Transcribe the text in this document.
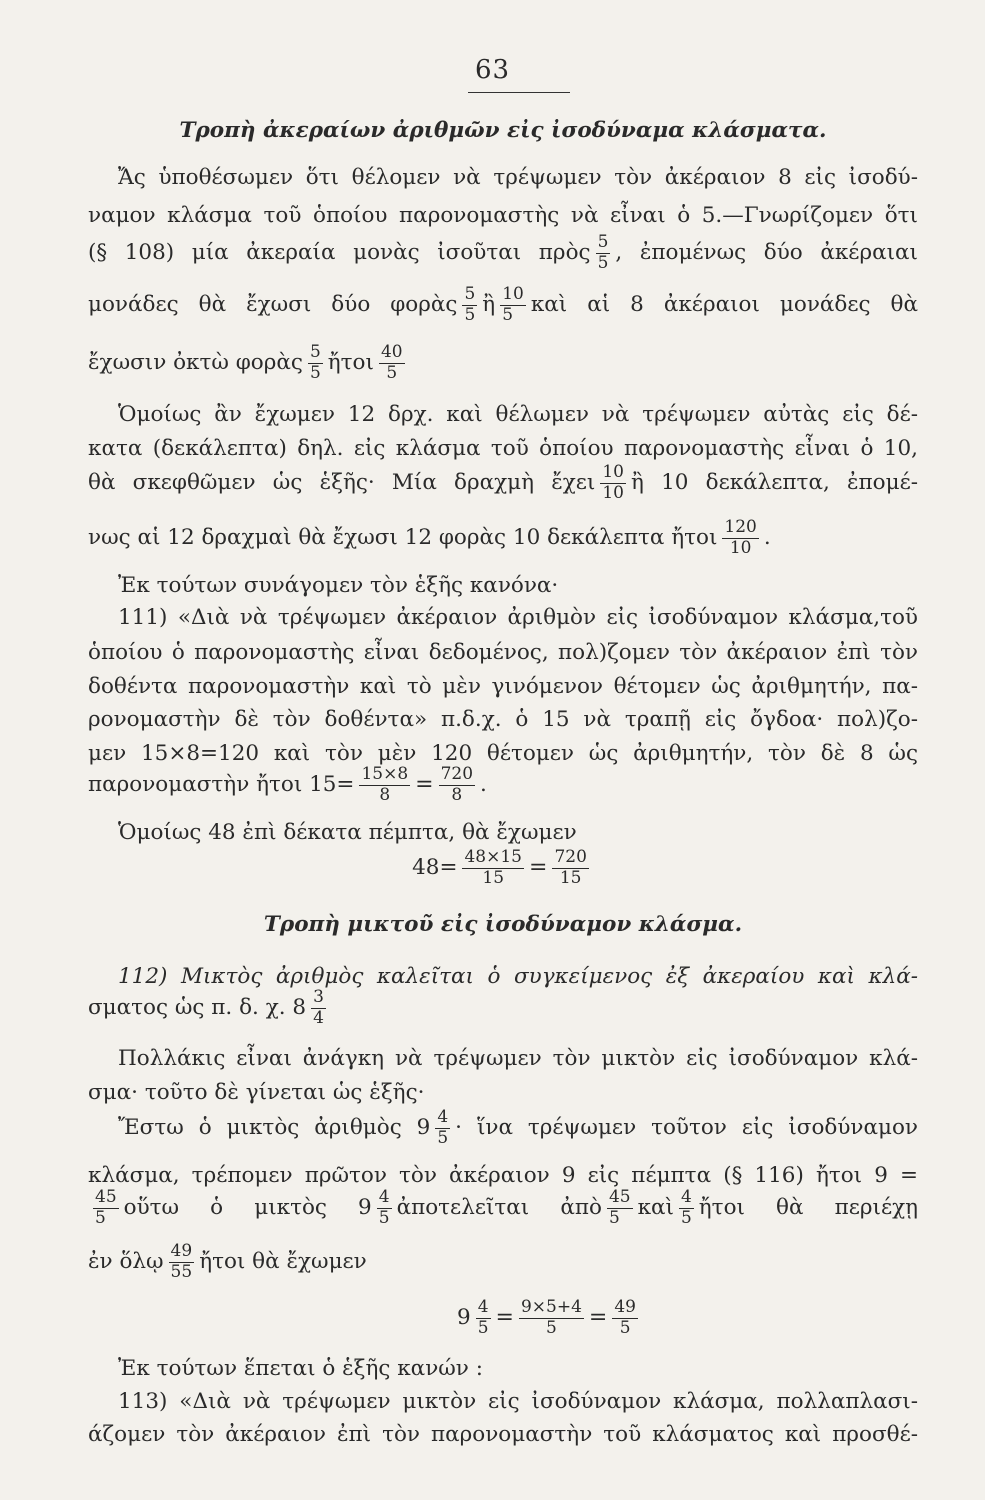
63
Τροπὴ ἀκεραίων ἀριθμῶν εἰς ἰσοδύναμα κλάσματα.
Ἄς ὑποθέσωμεν ὅτι θέλομεν νὰ τρέψωμεν τὸν ἀκέραιον 8 εἰς ἰσοδύ-
ναμον κλάσμα τοῦ ὁποίου παρονομαστὴς νὰ εἶναι ὁ 5.—Γνωρίζομεν ὅτι
(§ 108) μία ἀκεραία μονὰς ἰσοῦται πρὸς $\frac{5}{5}$ , ἐπομένως δύο ἀκέραιαι
μονάδες θὰ ἔχωσι δύο φορὰς $\frac{5}{5}$ ἢ $\frac{10}{5}$ καὶ αἱ 8 ἀκέραιοι μονάδες θὰ
ἔχωσιν ὀκτὼ φορὰς $\frac{5}{5}$ ἤτοι $\frac{40}{5}$
Ὁμοίως ἂν ἔχωμεν 12 δρχ. καὶ θέλωμεν νὰ τρέψωμεν αὐτὰς εἰς δέ-
κατα (δεκάλεπτα) δηλ. εἰς κλάσμα τοῦ ὁποίου παρονομαστὴς εἶναι ὁ 10,
θὰ σκεφθῶμεν ὡς ἑξῆς· Μία δραχμὴ ἔχει $\frac{10}{10}$ ἢ 10 δεκάλεπτα, ἐπομέ-
νως αἱ 12 δραχμαὶ θὰ ἔχωσι 12 φορὰς 10 δεκάλεπτα ἤτοι $\frac{120}{10}$ .
Ἐκ τούτων συνάγομεν τὸν ἑξῆς κανόνα·
111) «Διὰ νὰ τρέψωμεν ἀκέραιον ἀριθμὸν εἰς ἰσοδύναμον κλάσμα,τοῦ
ὁποίου ὁ παρονομαστὴς εἶναι δεδομένος, πολ)ζομεν τὸν ἀκέραιον ἐπὶ τὸν
δοθέντα παρονομαστὴν καὶ τὸ μὲν γινόμενον θέτομεν ὡς ἀριθμητήν, πα-
ρονομαστὴν δὲ τὸν δοθέντα» π.δ.χ. ὁ 15 νὰ τραπῇ εἰς ὄγδοα· πολ)ζο-
μεν 15×8=120 καὶ τὸν μὲν 120 θέτομεν ὡς ἀριθμητήν, τὸν δὲ 8 ὡς
παρονομαστὴν ἤτοι $15= \frac{15\times 8}{8} = \frac{720}{8}$ .
Ὁμοίως 48 ἐπὶ δέκατα πέμπτα, θὰ ἔχωμεν
$48= \frac{48\times 15}{15} = \frac{720}{15}$
Τροπὴ μικτοῦ εἰς ἰσοδύναμον κλάσμα.
112) Μικτὸς ἀριθμὸς καλεῖται ὁ συγκείμενος ἐξ ἀκεραίου καὶ κλά-
σματος ὡς π. δ. χ. $8 \frac{3}{4}$
Πολλάκις εἶναι ἀνάγκη νὰ τρέψωμεν τὸν μικτὸν εἰς ἰσοδύναμον κλά-
σμα· τοῦτο δὲ γίνεται ὡς ἑξῆς·
Ἔστω ὁ μικτὸς ἀριθμὸς $9 \frac{4}{5}$ · ἵνα τρέψωμεν τοῦτον εἰς ἰσοδύναμον
κλάσμα, τρέπομεν πρῶτον τὸν ἀκέραιον 9 εἰς πέμπτα (§ 116) ἤτοι 9 =
$\frac{45}{5}$ οὕτω ὁ μικτὸς $9 \frac{4}{5}$ ἀποτελεῖται ἀπὸ $\frac{45}{5}$ καὶ $\frac{4}{5}$ ἤτοι θὰ περιέχῃ
ἐν ὅλῳ $\frac{49}{55}$ ἤτοι θὰ ἔχωμεν
$9 \frac{4}{5} = \frac{9\times 5+4}{5} = \frac{49}{5}$
Ἐκ τούτων ἕπεται ὁ ἑξῆς κανών :
113) «Διὰ νὰ τρέψωμεν μικτὸν εἰς ἰσοδύναμον κλάσμα, πολλαπλασι-
άζομεν τὸν ἀκέραιον ἐπὶ τὸν παρονομαστὴν τοῦ κλάσματος καὶ προσθέ-
